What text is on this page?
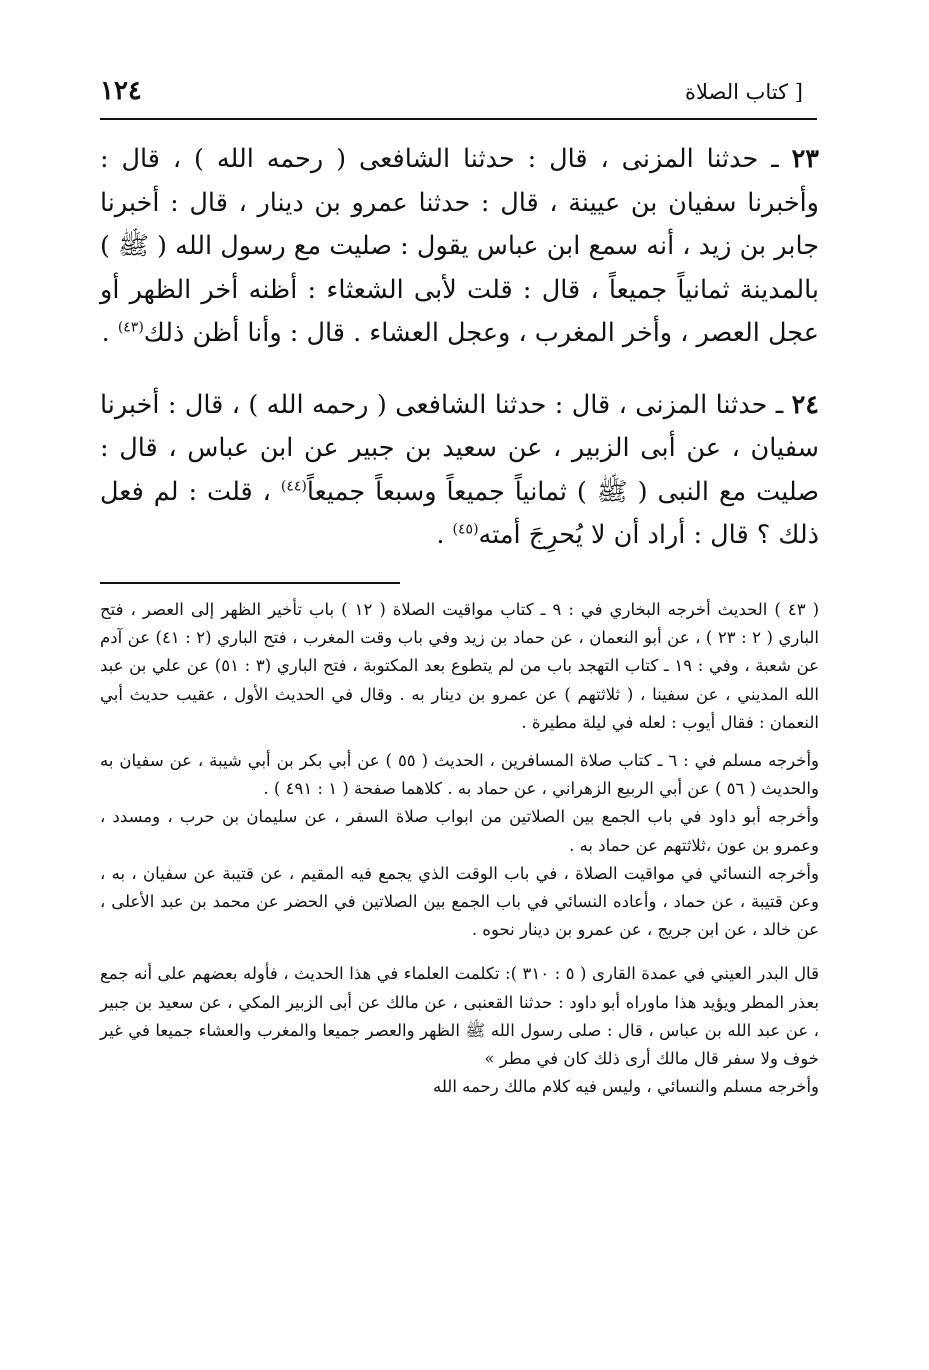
[ كتاب الصلاة
١٢٤

٢٣ ـ حدثنا المزنى ، قال : حدثنا الشافعى ( رحمه الله ) ، قال : وأخبرنا سفيان بن عيينة ، قال : حدثنا عمرو بن دينار ، قال : أخبرنا جابر بن زيد ، أنه سمع ابن عباس يقول : صليت مع رسول الله ( ﷺ ) بالمدينة ثمانياً جميعاً ، قال : قلت لأبى الشعثاء : أظنه أخر الظهر أو عجل العصر ، وأخر المغرب ، وعجل العشاء . قال : وأنا أظن ذلك$^{(٤٣)}$ .

٢٤ ـ حدثنا المزنى ، قال : حدثنا الشافعى ( رحمه الله ) ، قال : أخبرنا سفيان ، عن أبى الزبير ، عن سعيد بن جبير عن ابن عباس ، قال : صليت مع النبى ( ﷺ ) ثمانياً جميعاً وسبعاً جميعاً$^{(٤٤)}$ ، قلت : لم فعل ذلك ؟ قال : أراد أن لا يُحرِجَ أمته$^{(٤٥)}$ .

( ٤٣ ) الحديث أخرجه البخاري في : ٩ ـ كتاب مواقيت الصلاة ( ١٢ ) باب تأخير الظهر إلى العصر ، فتح الباري ( ٢ : ٢٣ ) ، عن أبو النعمان ، عن حماد بن زيد وفي باب وقت المغرب ، فتح الباري (٢ : ٤١) عن آدم عن شعبة ، وفي : ١٩ ـ كتاب التهجد باب من لم يتطوع بعد المكتوبة ، فتح الباري (٣ : ٥١) عن علي بن عبد الله المديني ، عن سفينا ، ( ثلاثتهم ) عن عمرو بن دينار به . وقال في الحديث الأول ، عقيب حديث أبي النعمان : فقال أيوب : لعله في ليلة مطيرة .

وأخرجه مسلم في : ٦ ـ كتاب صلاة المسافرين ، الحديث ( ٥٥ ) عن أبي بكر بن أبي شيبة ، عن سفيان به والحديث ( ٥٦ ) عن أبي الربيع الزهراني ، عن حماد به . كلاهما صفحة ( ١ : ٤٩١ ) .

وأخرجه أبو داود في باب الجمع بين الصلاتين من ابواب صلاة السفر ، عن سليمان بن حرب ، ومسدد ، وعمرو بن عون ،ثلاثتهم عن حماد به .

وأخرجه النسائي في مواقيت الصلاة ، في باب الوقت الذي يجمع فيه المقيم ، عن قتيبة عن سفيان ، به ، وعن قتيبة ، عن حماد ، وأعاده النسائي في باب الجمع بين الصلاتين في الحضر عن محمد بن عبد الأعلى ، عن خالد ، عن ابن جريج ، عن عمرو بن دينار نحوه .

قال البدر العيني في عمدة القارى ( ٥ : ٣١٠ ): تكلمت العلماء في هذا الحديث ، فأوله بعضهم على أنه جمع بعذر المطر ويؤيد هذا ماوراه أبو داود : حدثنا القعنبى ، عن مالك عن أبى الزبير المكي ، عن سعيد بن جبير ، عن عبد الله بن عباس ، قال : صلى رسول الله ﷺ الظهر والعصر جميعا والمغرب والعشاء جميعا في غير خوف ولا سفر قال مالك أرى ذلك كان في مطر »

وأخرجه مسلم والنسائي ، وليس فيه كلام مالك رحمه الله
